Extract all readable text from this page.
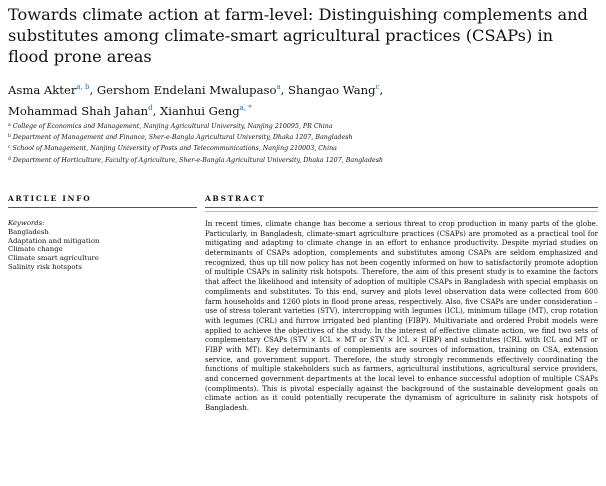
Towards climate action at farm-level: Distinguishing complements and substitutes among climate-smart agricultural practices (CSAPs) in flood prone areas

Asma Akter$^{a, b}$, Gershom Endelani Mwalupaso$^a$, Shangao Wang$^c$,
Mohammad Shah Jahan$^d$, Xianhui Geng$^{a, *}$

$^a$ College of Economics and Management, Nanjing Agricultural University, Nanjing 210095, PR China
$^b$ Department of Management and Finance, Sher-e-Bangla Agricultural University, Dhaka 1207, Bangladesh
$^c$ School of Management, Nanjing University of Posts and Telecommunications, Nanjing 210003, China
$^d$ Department of Horticulture, Faculty of Agriculture, Sher-e-Bangla Agricultural University, Dhaka 1207, Bangladesh
ARTICLE INFO	ABSTRACT
Keywords:
Bangladesh
Adaptation and mitigation
Climate change
Climate smart agriculture
Salinity risk hotspots

In recent times, climate change has become a serious threat to crop production in many parts of the globe. Particularly, in Bangladesh, climate-smart agriculture practices (CSAPs) are promoted as a practical tool for mitigating and adapting to climate change in an effort to enhance productivity. Despite myriad studies on determinants of CSAPs adoption, complements and substitutes among CSAPs are seldom emphasized and recognized, thus up till now policy has not been cogently informed on how to satisfactorily promote adoption of multiple CSAPs in salinity risk hotspots. Therefore, the aim of this present study is to examine the factors that affect the likelihood and intensity of adoption of multiple CSAPs in Bangladesh with special emphasis on compliments and substitutes. To this end, survey and plots level observation data were collected from 600 farm households and 1260 plots in flood prone areas, respectively. Also, five CSAPs are under consideration – use of stress tolerant varieties (STV), intercropping with legumes (ICL), minimum tillage (MT), crop rotation with legumes (CRL) and furrow irrigated bed planting (FIBP). Multivariate and ordered Probit models were applied to achieve the objectives of the study. In the interest of effective climate action, we find two sets of complementary CSAPs (STV × ICL × MT or STV × ICL × FIBP) and substitutes (CRL with ICL and MT or FIBP with MT). Key determinants of complements are sources of information, training on CSA, extension service, and government support. Therefore, the study strongly recommends effectively coordinating the functions of multiple stakeholders such as farmers, agricultural institutions, agricultural service providers, and concerned government departments at the local level to enhance successful adoption of multiple CSAPs (compliments). This is pivotal especially against the background of the sustainable development goals on climate action as it could potentially recuperate the dynamism of agriculture in salinity risk hotspots of Bangladesh.
